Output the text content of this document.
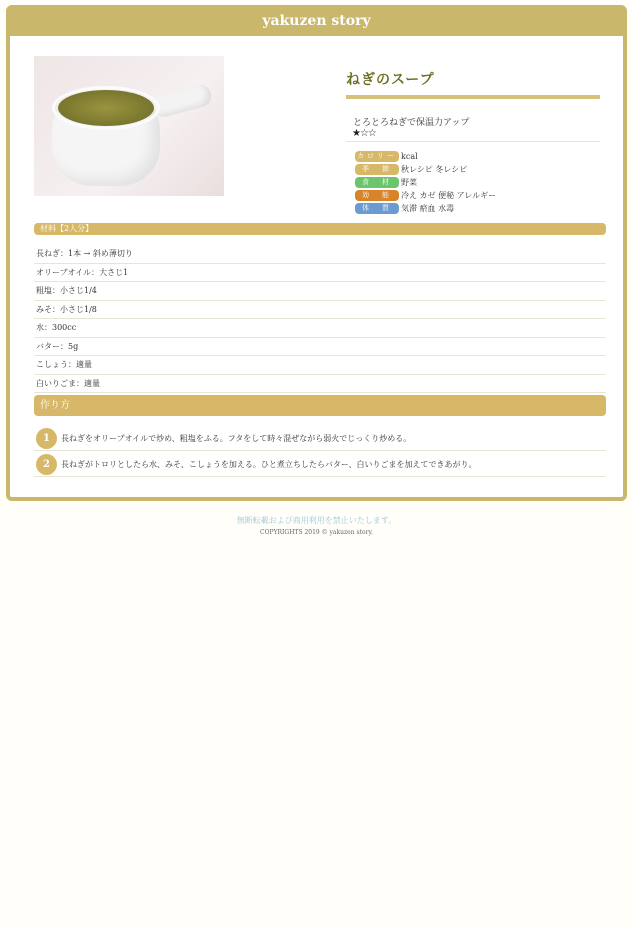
yakuzen story
ねぎのスープ
とろとろねぎで保温力アップ
★☆☆
カロリー kcal
季　節	秋レシピ 冬レシピ
食　材	野菜
効　能	冷え カゼ 便秘 アレルギー
体　質	気滞 瘀血 水毒
材料【2人分】
長ねぎ：1本 → 斜め薄切り
オリーブオイル：大さじ1
粗塩：小さじ1/4
みそ：小さじ1/8
水：300cc
バター：5g
こしょう：適量
白いりごま：適量
作り方
1	長ねぎをオリーブオイルで炒め、粗塩をふる。フタをして時々混ぜながら弱火でじっくり炒める。
2	長ねぎがトロリとしたら水、みそ、こしょうを加える。ひと煮立ちしたらバター、白いりごまを加えてできあがり。
無断転載および商用利用を禁止いたします。
COPYRIGHTS 2019 © yakuzen story.
